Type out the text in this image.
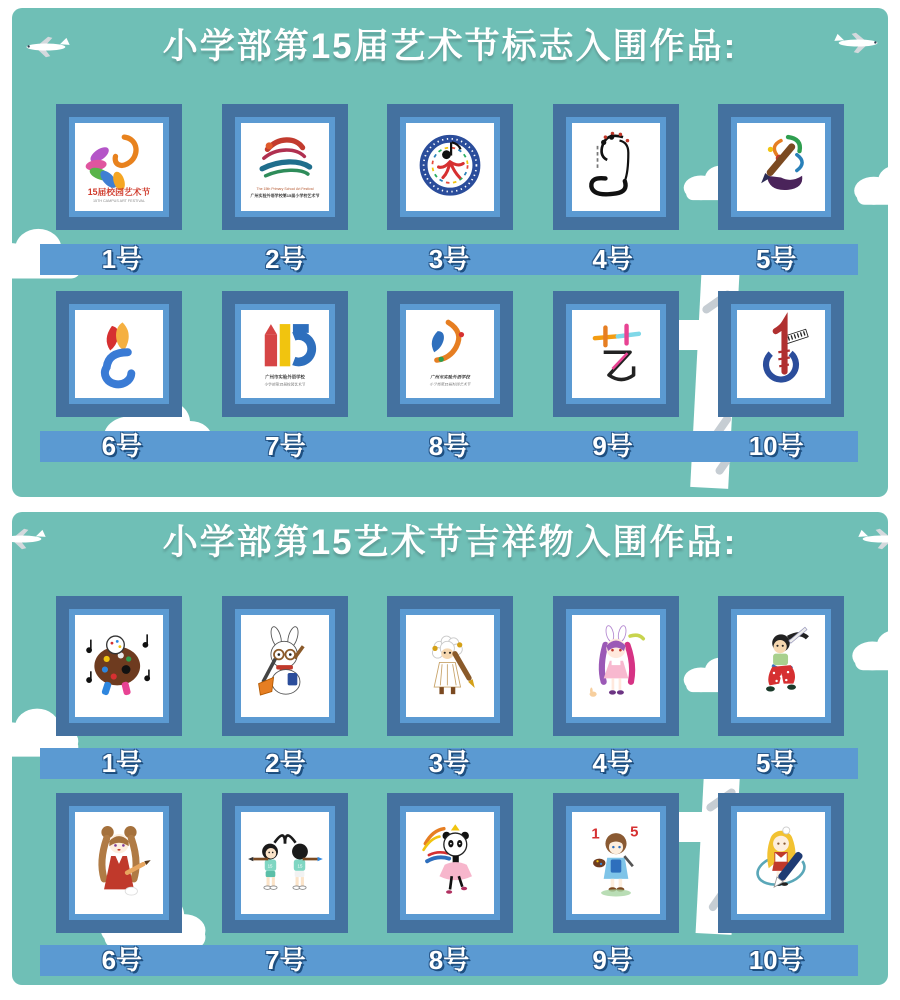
小学部第15届艺术节标志入围作品:
15届校园艺术节
15TH CAMPUS ART FESTIVAL
The 15th Primary School Art Festival
广州实验外语学校第15届小学校艺术节
1号	2号	3号	4号	5号
广州市实验外语学校
小学部第15届校园艺术节
广州市实验外语学校
小学部第15届校园艺术节
6号	7号	8号	9号	10号
小学部第15艺术节吉祥物入围作品:
1号	2号	3号	4号	5号
15	15
1 5
6号	7号	8号	9号	10号
